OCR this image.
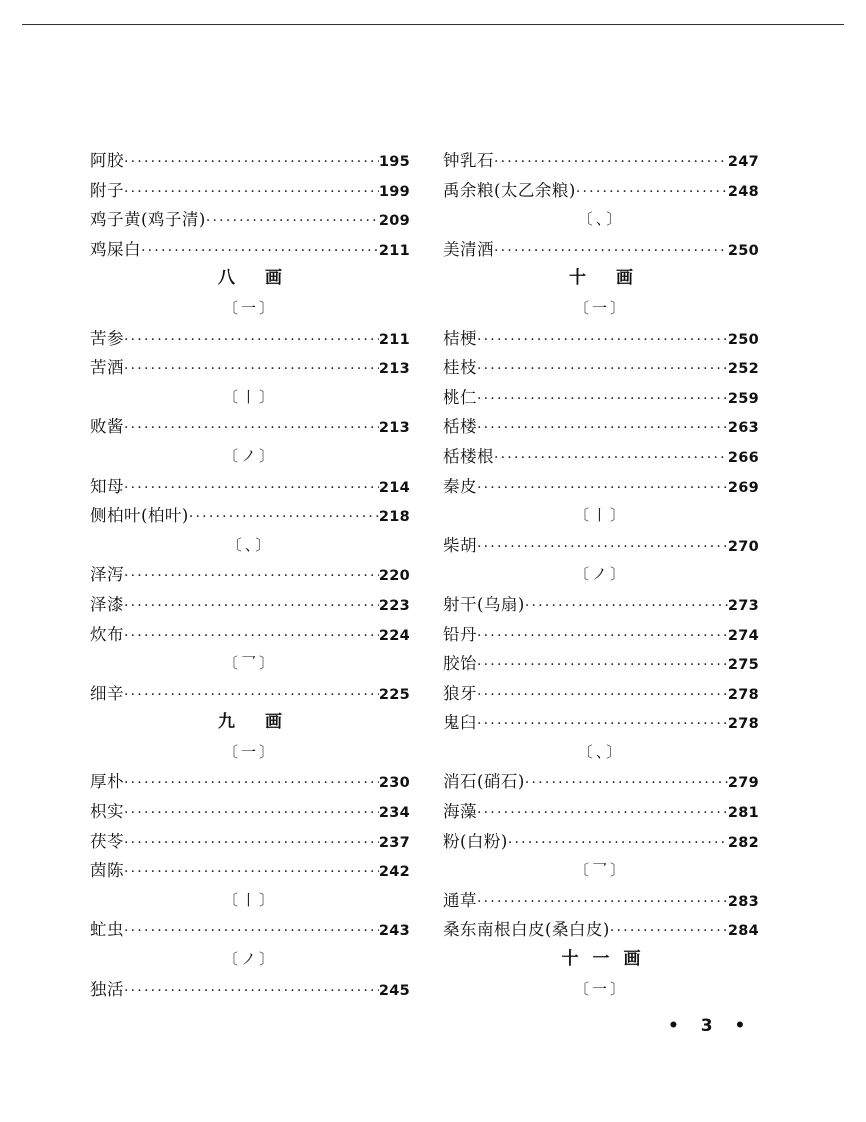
阿胶 ·····	195
附子 ·····	199
鸡子黄(鸡子清) ·····	209
鸡屎白 ·····	211
八画
〔一〕
苦参 ·····	211
苦酒 ·····	213
〔丨〕
败酱 ·····	213
〔ノ〕
知母 ·····	214
侧柏叶(柏叶) ·····	218
〔、〕
泽泻 ·····	220
泽漆 ·····	223
炊布 ·····	224
〔乛〕
细辛 ·····	225
九画
〔一〕
厚朴 ·····	230
枳实 ·····	234
茯苓 ·····	237
茵陈 ·····	242
〔丨〕
虻虫 ·····	243
〔ノ〕
独活 ·····	245
钟乳石 ·····	247
禹余粮(太乙余粮) ·····	248
〔、〕
美清酒 ·····	250
十画
〔一〕
桔梗 ·····	250
桂枝 ·····	252
桃仁 ·····	259
栝楼 ·····	263
栝楼根 ·····	266
秦皮 ·····	269
〔丨〕
柴胡 ·····	270
〔ノ〕
射干(乌扇) ·····	273
铅丹 ·····	274
胶饴 ·····	275
狼牙 ·····	278
鬼臼 ·····	278
〔、〕
消石(硝石) ·····	279
海藻 ·····	281
粉(白粉) ·····	282
〔乛〕
通草 ·····	283
桑东南根白皮(桑白皮) ·····	284
十一画
〔一〕
• 3 •
